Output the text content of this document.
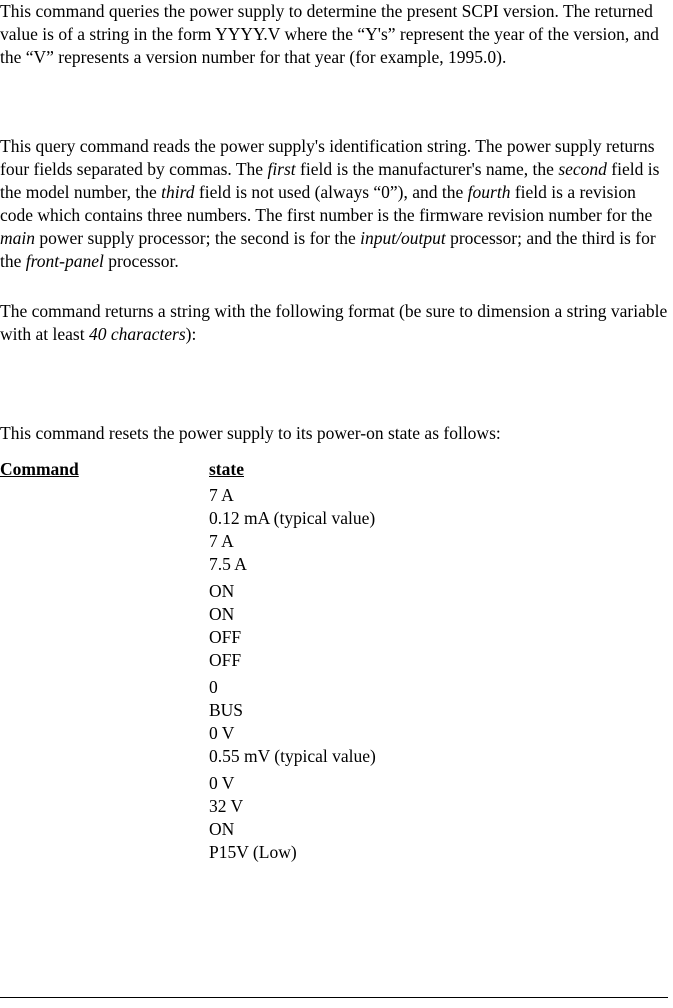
This command queries the power supply to determine the present SCPI version. The returned value is of a string in the form YYYY.V where the “Y's” represent the year of the version, and the “V” represents a version number for that year (for example, 1995.0).

This query command reads the power supply's identification string. The power supply returns four fields separated by commas. The first field is the manufacturer's name, the second field is the model number, the third field is not used (always “0”), and the fourth field is a revision code which contains three numbers. The first number is the firmware revision number for the main power supply processor; the second is for the input/output processor; and the third is for the front-panel processor.

The command returns a string with the following format (be sure to dimension a string variable with at least 40 characters):

This command resets the power supply to its power-on state as follows:

Command	state
7 A
0.12 mA (typical value)
7 A
7.5 A
ON
ON
OFF
OFF
0
BUS
0 V
0.55 mV (typical value)
0 V
32 V
ON
P15V (Low)
